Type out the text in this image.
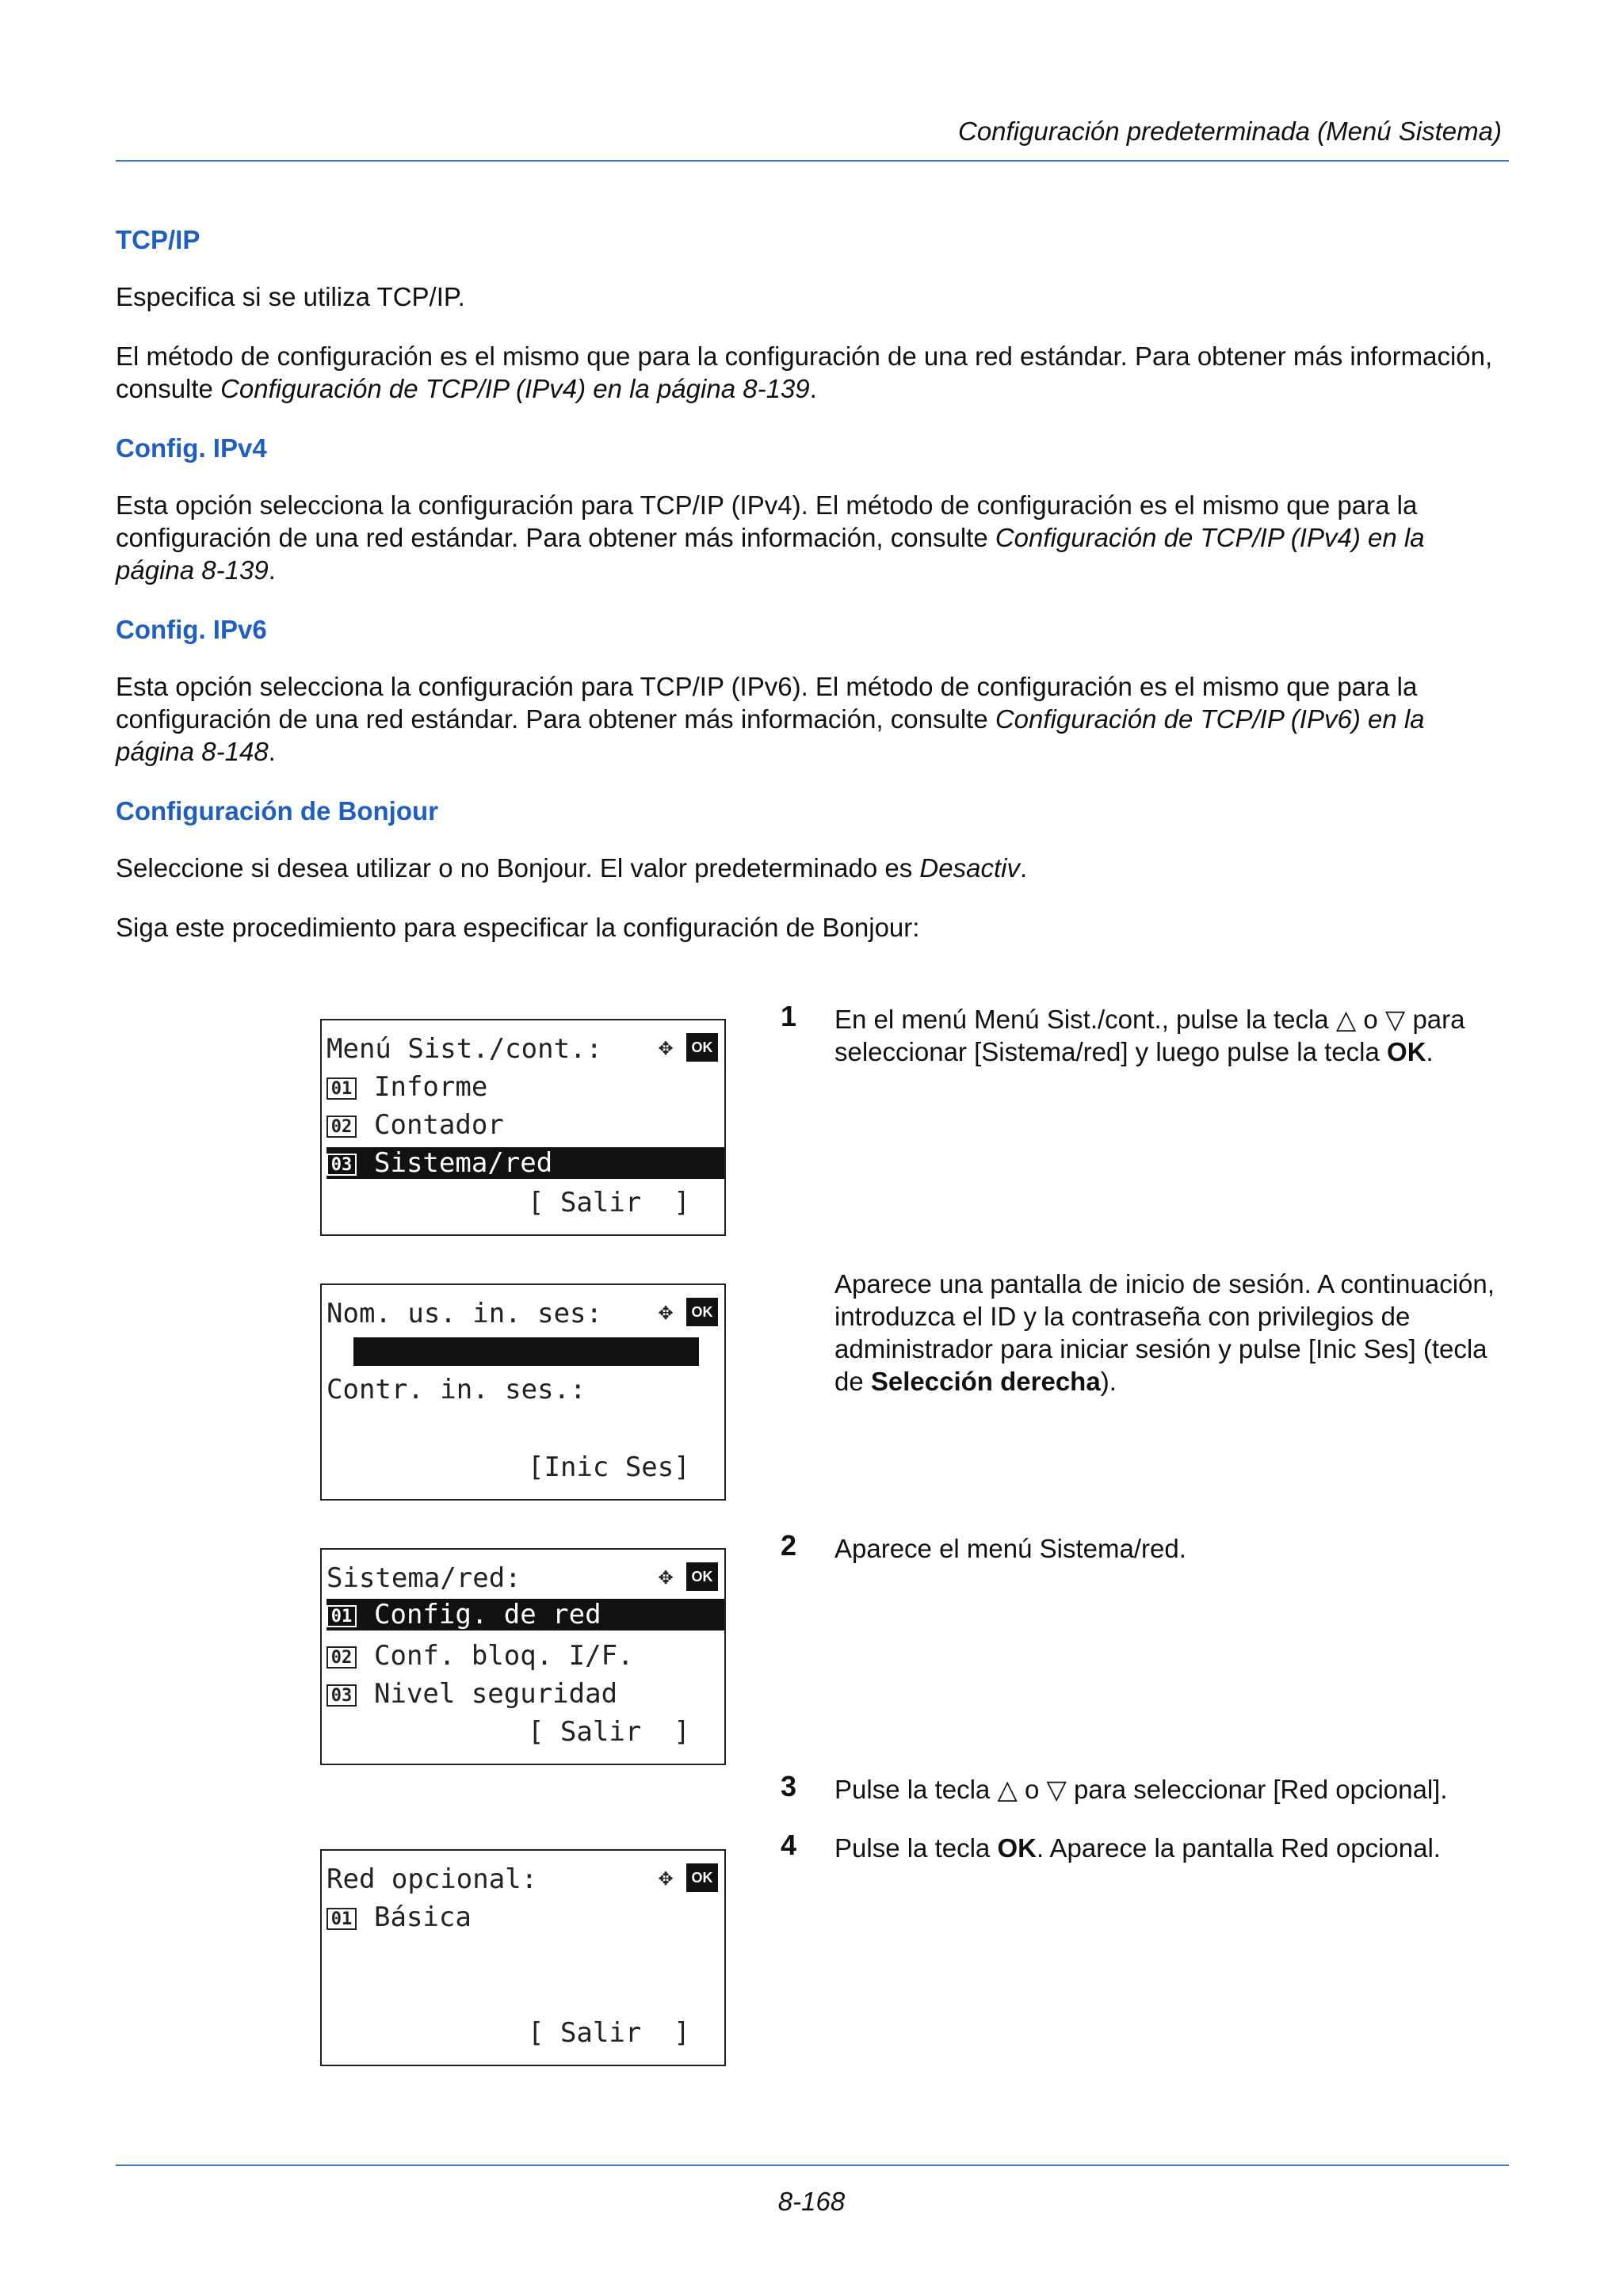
Configuración predeterminada (Menú Sistema)
TCP/IP
Especifica si se utiliza TCP/IP.
El método de configuración es el mismo que para la configuración de una red estándar. Para obtener más información, consulte Configuración de TCP/IP (IPv4) en la página 8-139.
Config. IPv4
Esta opción selecciona la configuración para TCP/IP (IPv4). El método de configuración es el mismo que para la configuración de una red estándar. Para obtener más información, consulte Configuración de TCP/IP (IPv4) en la página 8-139.
Config. IPv6
Esta opción selecciona la configuración para TCP/IP (IPv6). El método de configuración es el mismo que para la configuración de una red estándar. Para obtener más información, consulte Configuración de TCP/IP (IPv6) en la página 8-148.
Configuración de Bonjour
Seleccione si desea utilizar o no Bonjour. El valor predeterminado es Desactiv.
Siga este procedimiento para especificar la configuración de Bonjour:
Menú Sist./cont.:	✥	OK
01 Informe
02 Contador
03 Sistema/red
[ Salir  ]
Nom. us. in. ses:	✥	OK
Contr. in. ses.:
[Inic Ses]
Sistema/red:	✥	OK
01 Config. de red
02 Conf. bloq. I/F.
03 Nivel seguridad
[ Salir  ]
Red opcional:	✥	OK
01 Básica
[ Salir  ]
1 En el menú Menú Sist./cont., pulse la tecla △ o ▽ para seleccionar [Sistema/red] y luego pulse la tecla OK.
Aparece una pantalla de inicio de sesión. A continuación, introduzca el ID y la contraseña con privilegios de administrador para iniciar sesión y pulse [Inic Ses] (tecla de Selección derecha).
2 Aparece el menú Sistema/red.
3 Pulse la tecla △ o ▽ para seleccionar [Red opcional].
4 Pulse la tecla OK. Aparece la pantalla Red opcional.
8-168
